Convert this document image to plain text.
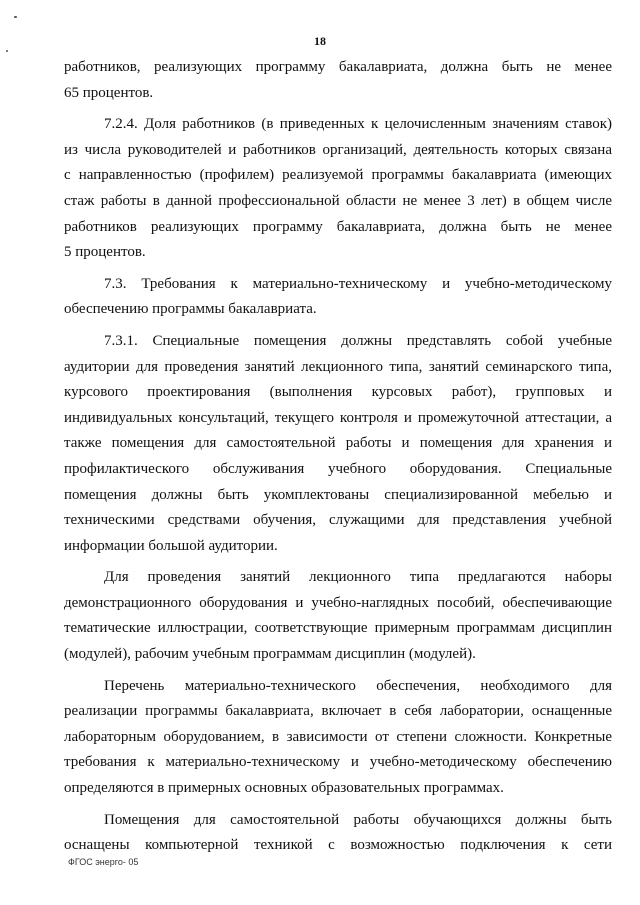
18
работников, реализующих программу бакалавриата, должна быть не менее
65 процентов.
7.2.4. Доля работников (в приведенных к целочисленным значениям ставок)
из числа руководителей и работников организаций, деятельность которых связана
с направленностью (профилем) реализуемой программы бакалавриата (имеющих
стаж работы в данной профессиональной области не менее 3 лет) в общем числе
работников реализующих программу бакалавриата, должна быть не менее
5 процентов.
7.3. Требования к материально-техническому и учебно-методическому
обеспечению программы бакалавриата.
7.3.1. Специальные помещения должны представлять собой учебные
аудитории для проведения занятий лекционного типа, занятий семинарского типа,
курсового проектирования (выполнения курсовых работ), групповых и
индивидуальных консультаций, текущего контроля и промежуточной аттестации, а
также помещения для самостоятельной работы и помещения для хранения и
профилактического обслуживания учебного оборудования. Специальные
помещения должны быть укомплектованы специализированной мебелью и
техническими средствами обучения, служащими для представления учебной
информации большой аудитории.
Для проведения занятий лекционного типа предлагаются наборы
демонстрационного оборудования и учебно-наглядных пособий, обеспечивающие
тематические иллюстрации, соответствующие примерным программам дисциплин
(модулей), рабочим учебным программам дисциплин (модулей).
Перечень материально-технического обеспечения, необходимого для
реализации программы бакалавриата, включает в себя лаборатории, оснащенные
лабораторным оборудованием, в зависимости от степени сложности. Конкретные
требования к материально-техническому и учебно-методическому обеспечению
определяются в примерных основных образовательных программах.
Помещения для самостоятельной работы обучающихся должны быть
оснащены компьютерной техникой с возможностью подключения к сети
ФГОС энерго- 05
